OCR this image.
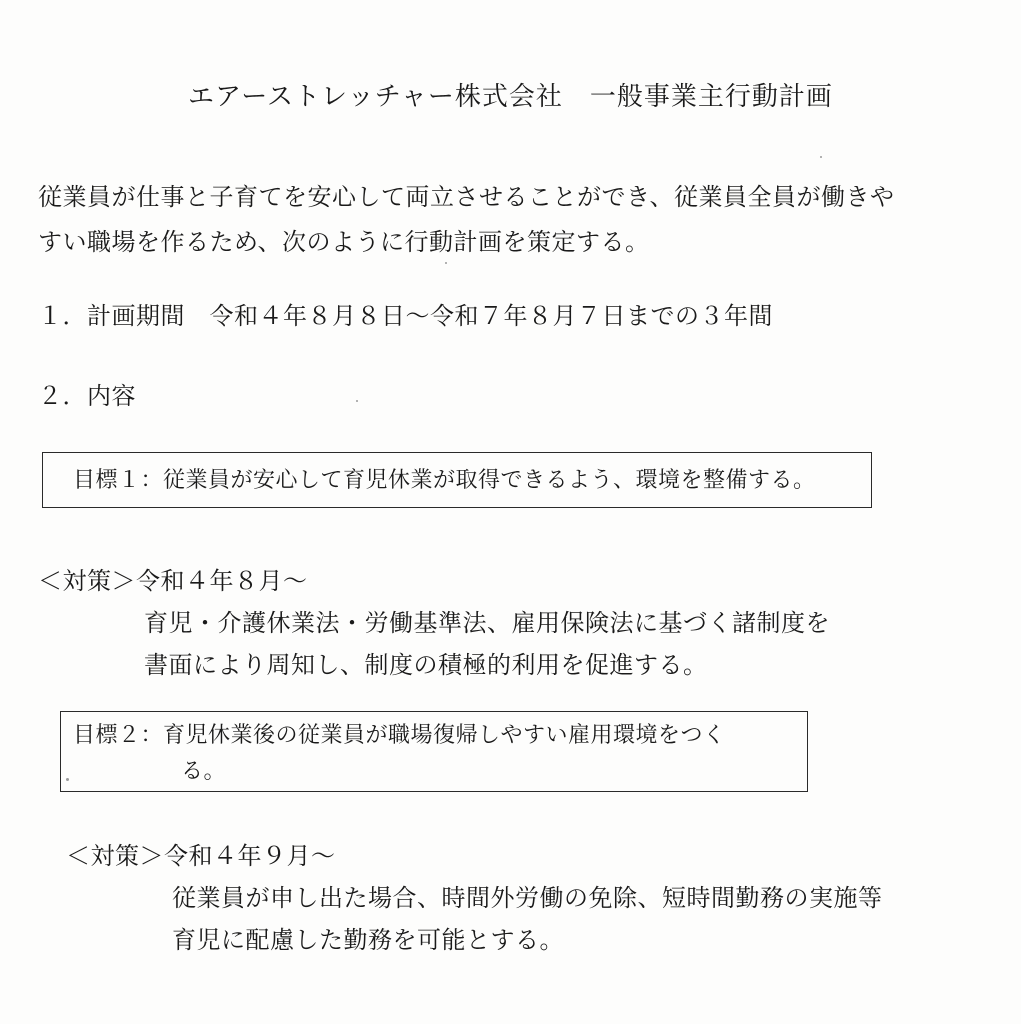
エアーストレッチャー株式会社　一般事業主行動計画
従業員が仕事と子育てを安心して両立させることができ、従業員全員が働きや
すい職場を作るため、次のように行動計画を策定する。
１．計画期間　令和４年８月８日～令和７年８月７日までの３年間
２．内容
目標１：従業員が安心して育児休業が取得できるよう、環境を整備する。
＜対策＞令和４年８月～
育児・介護休業法・労働基準法、雇用保険法に基づく諸制度を
書面により周知し、制度の積極的利用を促進する。
目標２：育児休業後の従業員が職場復帰しやすい雇用環境をつく
る。
＜対策＞令和４年９月～
従業員が申し出た場合、時間外労働の免除、短時間勤務の実施等
育児に配慮した勤務を可能とする。
